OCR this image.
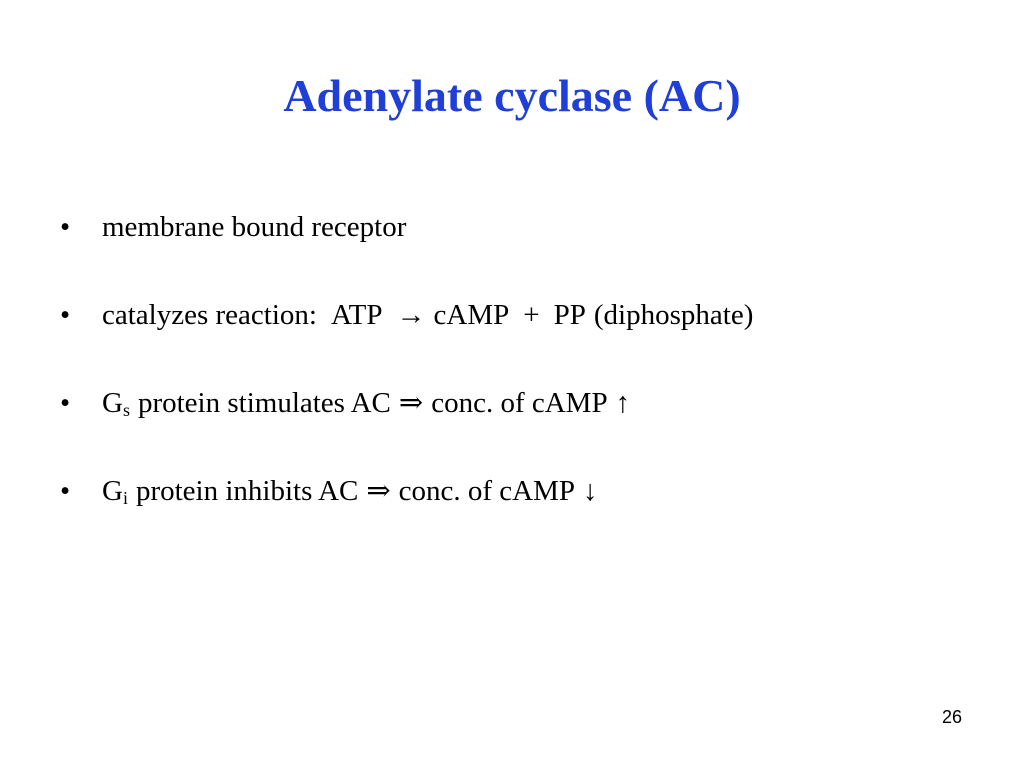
Adenylate cyclase (AC)
• membrane bound receptor
• catalyzes reaction: ATP → cAMP + PP (diphosphate)
• $G_s$ protein stimulates AC ⇒ conc. of cAMP ↑
• $G_i$ protein inhibits AC ⇒ conc. of cAMP ↓
26
